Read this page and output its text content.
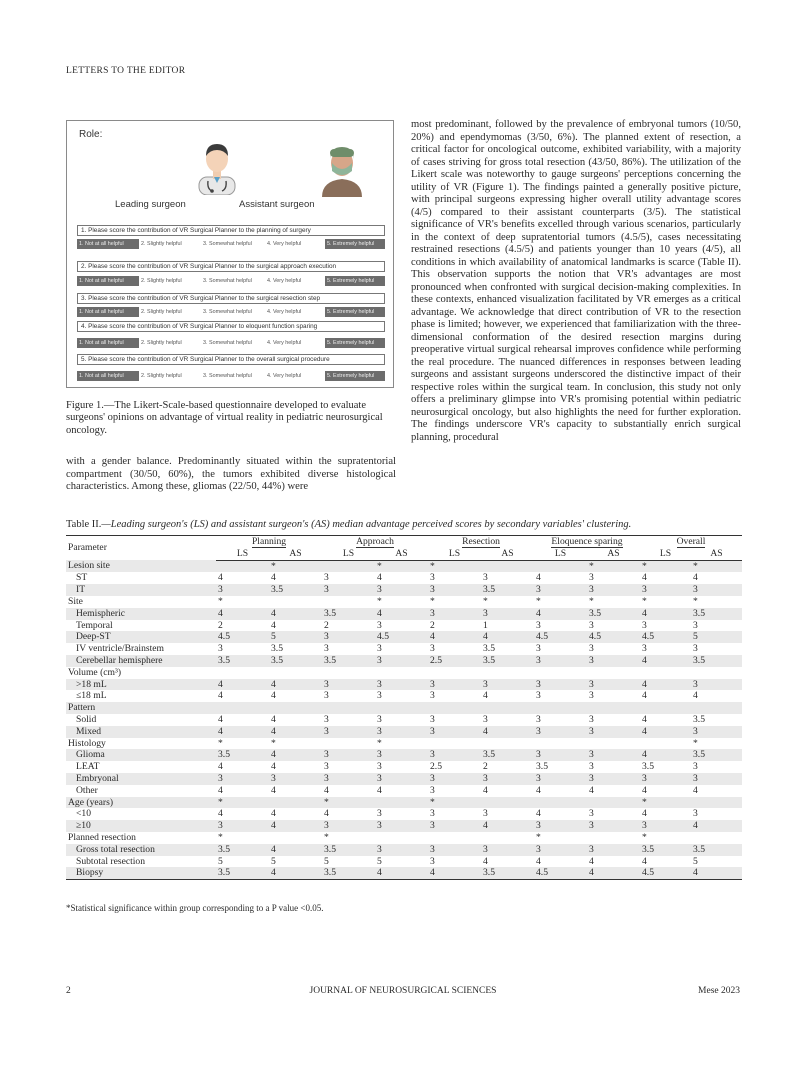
LETTERS TO THE EDITOR
Role:
Leading surgeon	Assistant surgeon
1. Please score the contribution of VR Surgical Planner to the planning of surgery
1. Not at all helpful	2. Slightly helpful	3. Somewhat helpful	4. Very helpful	5. Extremely helpful
2. Please score the contribution of VR Surgical Planner to the surgical approach execution
1. Not at all helpful	2. Slightly helpful	3. Somewhat helpful	4. Very helpful	5. Extremely helpful
3. Please score the contribution of VR Surgical Planner to the surgical resection step
1. Not at all helpful	2. Slightly helpful	3. Somewhat helpful	4. Very helpful	5. Extremely helpful
4. Please score the contribution of VR Surgical Planner to eloquent function sparing
1. Not at all helpful	2. Slightly helpful	3. Somewhat helpful	4. Very helpful	5. Extremely helpful
5. Please score the contribution of VR Surgical Planner to the overall surgical procedure
1. Not at all helpful	2. Slightly helpful	3. Somewhat helpful	4. Very helpful	5. Extremely helpful
Figure 1.—The Likert-Scale-based questionnaire developed to evaluate surgeons' opinions on advantage of virtual reality in pediatric neurosurgical oncology.
with a gender balance. Predominantly situated within the supratentorial compartment (30/50, 60%), the tumors exhibited diverse histological characteristics. Among these, gliomas (22/50, 44%) were
most predominant, followed by the prevalence of embryonal tumors (10/50, 20%) and ependymomas (3/50, 6%). The planned extent of resection, a critical factor for oncological outcome, exhibited variability, with a majority of cases striving for gross total resection (43/50, 86%). The utilization of the Likert scale was noteworthy to gauge surgeons' perceptions concerning the utility of VR (Figure 1). The findings painted a generally positive picture, with principal surgeons expressing higher overall utility advantage scores (4/5) compared to their assistant counterparts (3/5). The statistical significance of VR's benefits excelled through various scenarios, particularly in the context of deep supratentorial tumors (4.5/5), cases necessitating restrained resections (4.5/5) and patients younger than 10 years (4/5), all conditions in which availability of anatomical landmarks is scarce (Table II). This observation supports the notion that VR's advantages are most pronounced when confronted with surgical decision-making complexities. In these contexts, enhanced visualization facilitated by VR emerges as a critical advantage. We acknowledge that direct contribution of VR to the resection phase is limited; however, we experienced that familiarization with the three-dimensional conformation of the desired resection margins during preoperative virtual surgical rehearsal improves confidence while performing the real procedure. The nuanced differences in responses between leading surgeons and assistant surgeons underscored the distinctive impact of their respective roles within the surgical team. In conclusion, this study not only offers a preliminary glimpse into VR's promising potential within pediatric neurosurgical oncology, but also highlights the need for further exploration. The findings underscore VR's capacity to substantially enrich surgical planning, procedural
Table II.—Leading surgeon's (LS) and assistant surgeon's (AS) median advantage perceived scores by secondary variables' clustering.
Parameter	Planning		Approach		Resection		Eloquence sparing		Overall	
	LS	AS	LS	AS	LS	AS	LS	AS	LS	AS
Lesion site		*		*	*			*	*	*
ST	4	4	3	4	3	3	4	3	4	4
IT	3	3.5	3	3	3	3.5	3	3	3	3
Site	*			*	*	*	*	*	*	*
Hemispheric	4	4	3.5	4	3	3	4	3.5	4	3.5
Temporal	2	4	2	3	2	1	3	3	3	3
Deep-ST	4.5	5	3	4.5	4	4	4.5	4.5	4.5	5
IV ventricle/Brainstem	3	3.5	3	3	3	3.5	3	3	3	3
Cerebellar hemisphere	3.5	3.5	3.5	3	2.5	3.5	3	3	4	3.5
Volume (cm³)										
>18 mL	4	4	3	3	3	3	3	3	4	3
≤18 mL	4	4	3	3	3	4	3	3	4	4
Pattern										
Solid	4	4	3	3	3	3	3	3	4	3.5
Mixed	4	4	3	3	3	4	3	3	4	3
Histology	*	*		*						*
Glioma	3.5	4	3	3	3	3.5	3	3	4	3.5
LEAT	4	4	3	3	2.5	2	3.5	3	3.5	3
Embryonal	3	3	3	3	3	3	3	3	3	3
Other	4	4	4	4	3	4	4	4	4	4
Age (years)	*		*		*				*	
<10	4	4	4	3	3	3	4	3	4	3
≥10	3	4	3	3	3	4	3	3	3	4
Planned resection	*		*				*		*	
Gross total resection	3.5	4	3.5	3	3	3	3	3	3.5	3.5
Subtotal resection	5	5	5	5	3	4	4	4	4	5
Biopsy	3.5	4	3.5	4	4	3.5	4.5	4	4.5	4
*Statistical significance within group corresponding to a P value <0.05.
2	JOURNAL OF NEUROSURGICAL SCIENCES	Mese 2023
